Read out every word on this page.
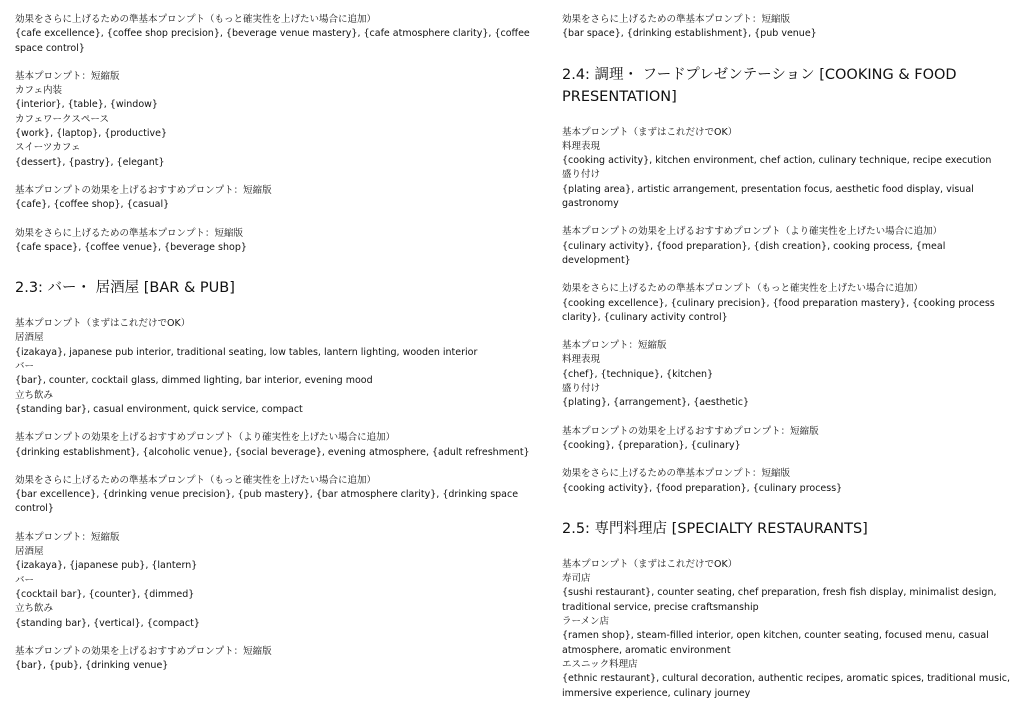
効果をさらに上げるための準基本プロンプト（もっと確実性を上げたい場合に追加）
{cafe excellence}, {coffee shop precision}, {beverage venue mastery}, {cafe atmosphere clarity}, {coffee space control}
基本プロンプト：短縮版
カフェ内装
{interior}, {table}, {window}
カフェワークスペース
{work}, {laptop}, {productive}
スイーツカフェ
{dessert}, {pastry}, {elegant}
基本プロンプトの効果を上げるおすすめプロンプト：短縮版
{cafe}, {coffee shop}, {casual}
効果をさらに上げるための準基本プロンプト：短縮版
{cafe space}, {coffee venue}, {beverage shop}
2.3: バー・ 居酒屋 [BAR & PUB]
基本プロンプト（まずはこれだけでOK）
居酒屋
{izakaya}, japanese pub interior, traditional seating, low tables, lantern lighting, wooden interior
バー
{bar}, counter, cocktail glass, dimmed lighting, bar interior, evening mood
立ち飲み
{standing bar}, casual environment, quick service, compact
基本プロンプトの効果を上げるおすすめプロンプト（より確実性を上げたい場合に追加）
{drinking establishment}, {alcoholic venue}, {social beverage}, evening atmosphere, {adult refreshment}
効果をさらに上げるための準基本プロンプト（もっと確実性を上げたい場合に追加）
{bar excellence}, {drinking venue precision}, {pub mastery}, {bar atmosphere clarity}, {drinking space control}
基本プロンプト：短縮版
居酒屋
{izakaya}, {japanese pub}, {lantern}
バー
{cocktail bar}, {counter}, {dimmed}
立ち飲み
{standing bar}, {vertical}, {compact}
基本プロンプトの効果を上げるおすすめプロンプト：短縮版
{bar}, {pub}, {drinking venue}
効果をさらに上げるための準基本プロンプト：短縮版
{bar space}, {drinking establishment}, {pub venue}
2.4: 調理・ フードプレゼンテーション [COOKING & FOOD PRESENTATION]
基本プロンプト（まずはこれだけでOK）
料理表現
{cooking activity}, kitchen environment, chef action, culinary technique, recipe execution
盛り付け
{plating area}, artistic arrangement, presentation focus, aesthetic food display, visual gastronomy
基本プロンプトの効果を上げるおすすめプロンプト（より確実性を上げたい場合に追加）
{culinary activity}, {food preparation}, {dish creation}, cooking process, {meal development}
効果をさらに上げるための準基本プロンプト（もっと確実性を上げたい場合に追加）
{cooking excellence}, {culinary precision}, {food preparation mastery}, {cooking process clarity}, {culinary activity control}
基本プロンプト：短縮版
料理表現
{chef}, {technique}, {kitchen}
盛り付け
{plating}, {arrangement}, {aesthetic}
基本プロンプトの効果を上げるおすすめプロンプト：短縮版
{cooking}, {preparation}, {culinary}
効果をさらに上げるための準基本プロンプト：短縮版
{cooking activity}, {food preparation}, {culinary process}
2.5: 専門料理店 [SPECIALTY RESTAURANTS]
基本プロンプト（まずはこれだけでOK）
寿司店
{sushi restaurant}, counter seating, chef preparation, fresh fish display, minimalist design, traditional service, precise craftsmanship
ラーメン店
{ramen shop}, steam-filled interior, open kitchen, counter seating, focused menu, casual atmosphere, aromatic environment
エスニック料理店
{ethnic restaurant}, cultural decoration, authentic recipes, aromatic spices, traditional music, immersive experience, culinary journey
